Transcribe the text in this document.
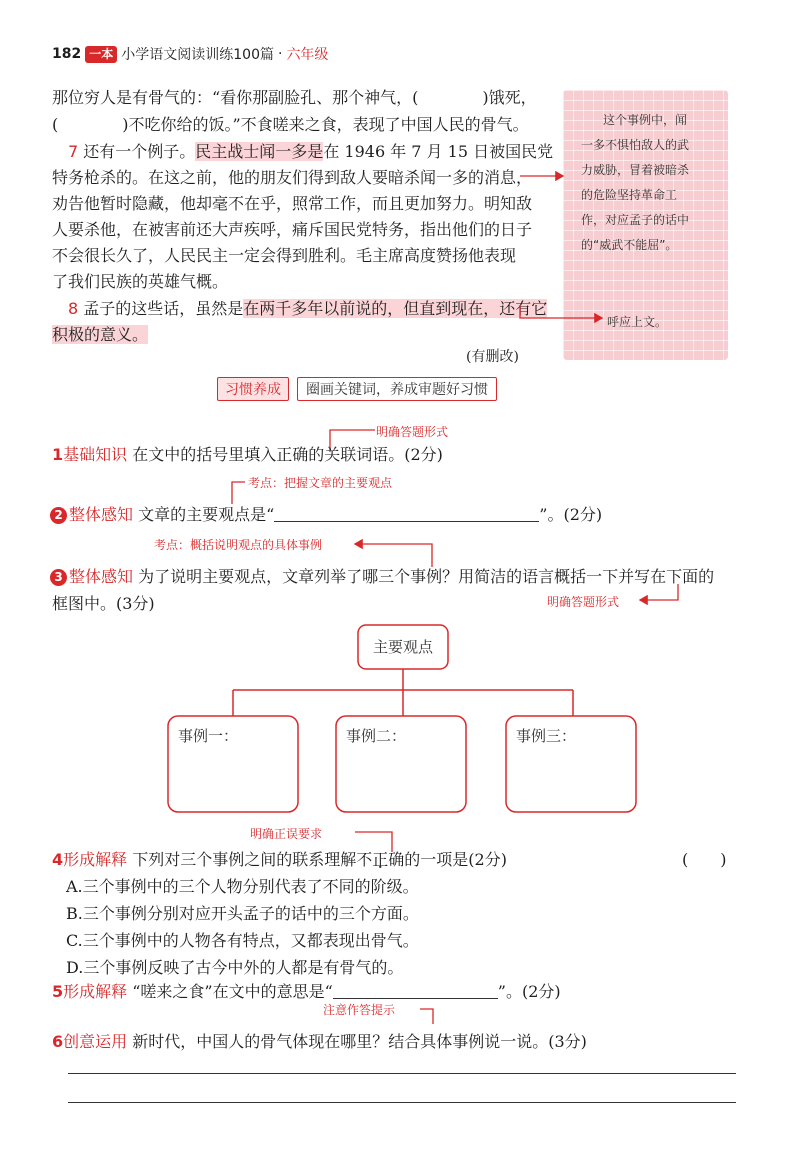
182 一本 小学语文阅读训练100篇 · 六年级
那位穷人是有骨气的：“看你那副脸孔、那个神气，(　　　　)饿死，
(　　　　)不吃你给的饭。”不食嗟来之食，表现了中国人民的骨气。
7 还有一个例子。民主战士闻一多是在 1946 年 7 月 15 日被国民党
特务枪杀的。在这之前，他的朋友们得到敌人要暗杀闻一多的消息，
劝告他暂时隐藏，他却毫不在乎，照常工作，而且更加努力。明知敌
人要杀他，在被害前还大声疾呼，痛斥国民党特务，指出他们的日子
不会很长久了，人民民主一定会得到胜利。毛主席高度赞扬他表现
了我们民族的英雄气概。
8 孟子的这些话，虽然是在两千多年以前说的，但直到现在，还有它
积极的意义。
(有删改)
这个事例中，闻
一多不惧怕敌人的武
力威胁，冒着被暗杀
的危险坚持革命工
作，对应孟子的话中
的“威武不能屈”。
呼应上文。
主要观点
事例一：	事例二：	事例三：
习惯养成	圈画关键词，养成审题好习惯
明确答题形式
考点：把握文章的主要观点
考点：概括说明观点的具体事例
明确答题形式
明确正误要求
注意作答提示
1基础知识 在文中的括号里填入正确的关联词语。(2分)
2 整体感知 文章的主要观点是“	”。(2分)
3 整体感知 为了说明主要观点，文章列举了哪三个事例？用简洁的语言概括一下并写在下面的
框图中。(3分)
4形成解释 下列对三个事例之间的联系理解不正确的一项是(2分)	(　　)
A.三个事例中的三个人物分别代表了不同的阶级。
B.三个事例分别对应开头孟子的话中的三个方面。
C.三个事例中的人物各有特点，又都表现出骨气。
D.三个事例反映了古今中外的人都是有骨气的。
5形成解释 “嗟来之食”在文中的意思是“	”。(2分)
6创意运用 新时代，中国人的骨气体现在哪里？结合具体事例说一说。(3分)
